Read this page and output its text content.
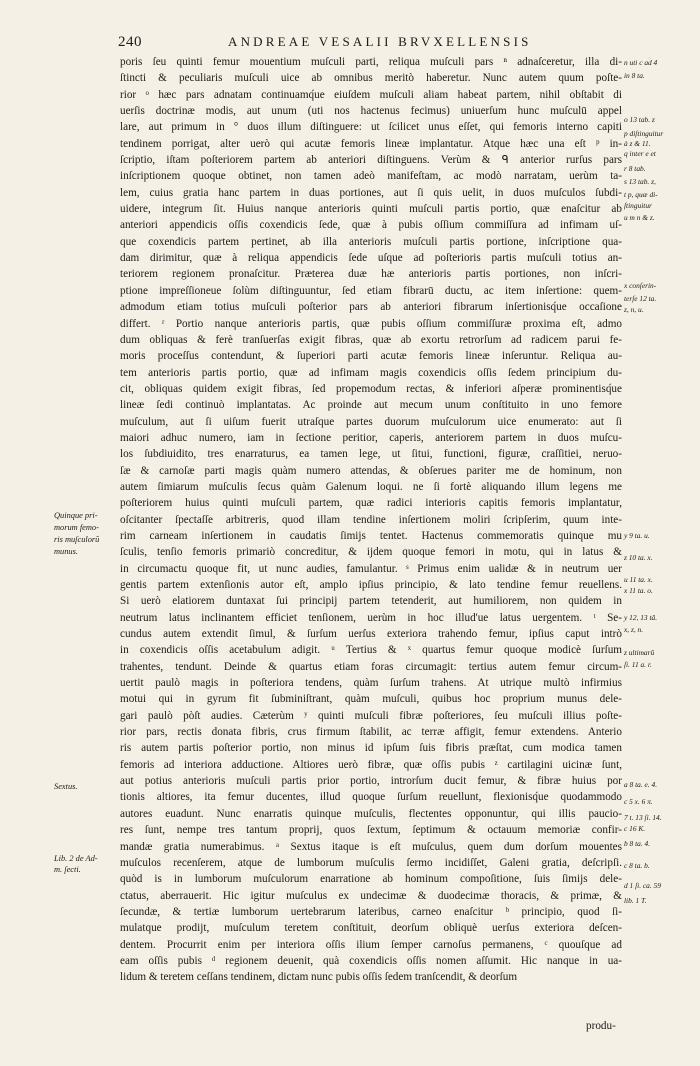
240	ANDREAE VESALII BRVXELLENSIS
poris ſeu quinti femur mouentium muſculi parti, reliqua muſculi pars ⁿ adnaſceretur, illa di-
ſtincti & peculiaris muſculi uice ab omnibus meritò haberetur. Nunc autem quum poſte-
rior ᵒ hæc pars adnatam continuamq́ue eiuſdem muſculi aliam habeat partem, nihil obſtabit di
uerſis doctrinæ modis, aut unum (uti nos hactenus fecimus) uniuerſum hunc muſculū appel
lare, aut primum in ° duos illum diſtinguere: ut ſcilicet unus eſſet, qui femoris interno capiti
tendinem porrigat, alter uerò qui acutæ femoris lineæ implantatur. Atque hæc una eſt ᵖ in-
ſcriptio, iſtam poſteriorem partem ab anteriori diſtinguens. Verùm & ᑫ anterior rurſus pars
inſcriptionem quoque obtinet, non tamen adeò manifeſtam, ac modò narratam, uerùm ta-
lem, cuius gratia hanc partem in duas portiones, aut ſi quis uelit, in duos muſculos ſubdi-
uidere, integrum ſit. Huius nanque anterioris quinti muſculi partis portio, quæ enaſcitur ab
anteriori appendicis oſſis coxendicis ſede, quæ à pubis oſſium commiſſura ad infimam uſ-
que coxendicis partem pertinet, ab illa anterioris muſculi partis portione, inſcriptione qua-
dam dirimitur, quæ à reliqua appendicis ſede uſque ad poſterioris partis muſculi totius an-
teriorem regionem pronaſcitur. Præterea duæ hæ anterioris partis portiones, non inſcri-
ptione impreſſioneue ſolùm diſtinguuntur, ſed etiam fibrarū ductu, ac item inſertione: quem-
admodum etiam totius muſculi poſterior pars ab anteriori fibrarum inſertionisq́ue occaſione
differt. ʳ Portio nanque anterioris partis, quæ pubis oſſium commiſſuræ proxima eſt, admo
dum obliquas & ferè tranſuerſas exigit fibras, quæ ab exortu retrorſum ad radicem parui fe-
moris proceſſus contendunt, & ſuperiori parti acutæ femoris lineæ inſeruntur. Reliqua au-
tem anterioris partis portio, quæ ad infimam magis coxendicis oſſis ſedem principium du-
cit, obliquas quidem exigit fibras, ſed propemodum rectas, & inferiori aſperæ prominentisq́ue
lineæ ſedi continuò implantatas. Ac proinde aut mecum unum conſtituito in uno femore
muſculum, aut ſi uiſum fuerit utraſque partes duorum muſculorum uice enumerato: aut ſi
maiori adhuc numero, iam in ſectione peritior, caperis, anteriorem partem in duos muſcu-
los ſubdiuidito, tres enarraturus, ea tamen lege, ut ſitui, functioni, figuræ, craſſitiei, neruo-
ſæ & carnoſæ parti magis quàm numero attendas, & obſerues pariter me de hominum, non
autem ſimiarum muſculis ſecus quàm Galenum loqui. ne ſi fortè aliquando illum legens me
poſteriorem huius quinti muſculi partem, quæ radici interioris capitis femoris implantatur,
oſcitanter ſpectaſſe arbitreris, quod illam tendine inſertionem moliri ſcripſerim, quum inte-
rim carneam inſertionem in caudatis ſimijs tentet. Hactenus commemoratis quinque mu
ſculis, tenſio femoris primariò concreditur, & ijdem quoque femori in motu, qui in latus &
in circumactu quoque fit, ut nunc audies, famulantur. ˢ Primus enim ualidæ & in neutrum uer
gentis partem extenſionis autor eſt, amplo ipſius principio, & lato tendine femur reuellens.
Si uerò elatiorem duntaxat ſui principij partem tetenderit, aut humiliorem, non quidem in
neutrum latus inclinantem efficiet tenſionem, uerùm in hoc illud'ue latus uergentem. ᵗ Se-
cundus autem extendit ſimul, & ſurſum uerſus exteriora trahendo femur, ipſius caput intrò
in coxendicis oſſis acetabulum adigit. ᵘ Tertius & ˣ quartus femur quoque modicè ſurſum
trahentes, tendunt. Deinde & quartus etiam foras circumagit: tertius autem femur circum-
uertit paulò magis in poſteriora tendens, quàm ſurſum trahens. At utrique multò infirmius
motui qui in gyrum fit ſubminiſtrant, quàm muſculi, quibus hoc proprium munus dele-
gari paulò pòſt audies. Cæterùm ʸ quinti muſculi fibræ poſteriores, ſeu muſculi illius poſte-
rior pars, rectis donata fibris, crus firmum ſtabilit, ac terræ affigit, femur extendens. Anterio
ris autem partis poſterior portio, non minus id ipſum ſuis fibris præſtat, cum modica tamen
femoris ad interiora adductione. Altiores uerò fibræ, quæ oſſis pubis ᶻ cartilagini uicinæ ſunt,
aut potius anterioris muſculi partis prior portio, introrſum ducit femur, & fibræ huius por
tionis altiores, ita femur ducentes, illud quoque ſurſum reuellunt, flexionisq́ue quodammodo
autores euadunt. Nunc enarratis quinque muſculis, flectentes opponuntur, qui illis paucio-
res ſunt, nempe tres tantum proprij, quos ſextum, ſeptimum & octauum memoriæ confir-
mandæ gratia numerabimus. ᵃ Sextus itaque is eſt muſculus, quem dum dorſum mouentes
muſculos recenſerem, atque de lumborum muſculis ſermo incidiſſet, Galeni gratia, deſcripſi.
quòd is in lumborum muſculorum enarratione ab hominum compoſitione, ſuis ſimijs dele-
ctatus, aberrauerit. Hic igitur muſculus ex undecimæ & duodecimæ thoracis, & primæ, &
ſecundæ, & tertiæ lumborum uertebrarum lateribus, carneo enaſcitur ᵇ principio, quod ſi-
mulatque prodijt, muſculum teretem conſtituit, deorſum obliquè uerſus exteriora deſcen-
dentem. Procurrit enim per interiora oſſis ilium ſemper carnoſus permanens, ᶜ quouſque ad
eam oſſis pubis ᵈ regionem deuenit, quà coxendicis oſſis nomen aſſumit. Hic nanque in ua-
lidum & teretem ceſſans tendinem, dictam nunc pubis oſſis ſedem tranſcendit, & deorſum
n uti c ad 4
in 8 ta.
o 13 tab. z
p diſtinguitur
à z & 11.
q inter e et
r 8 tab.
s 13 tab. z,
t p, quæ di-
ſtinguitur
u m n & z.
x conſerin-
terſe 12 ta.
z, n, u.
y 9 ta. u.
z 10 ta. x.
u 11 ta. x.
x 11 ta. o.
y 12, 13 tā.
x, z, n.
z ultimarū
ſi. 11 a. r.
a 8 ta. e. 4.
c 5 x. 6 π.
7 t. 13 ſi. 14.
c 16 K.
b 8 ta. 4.
c 8 ta. b.
d 1 ſi. ca. 59
lib. 1 T.
Quinque pri-
morum femo-
ris muſculorū
munus.
Sextus.
Lib. 2 de Ad-
m. ſecti.
produ-
